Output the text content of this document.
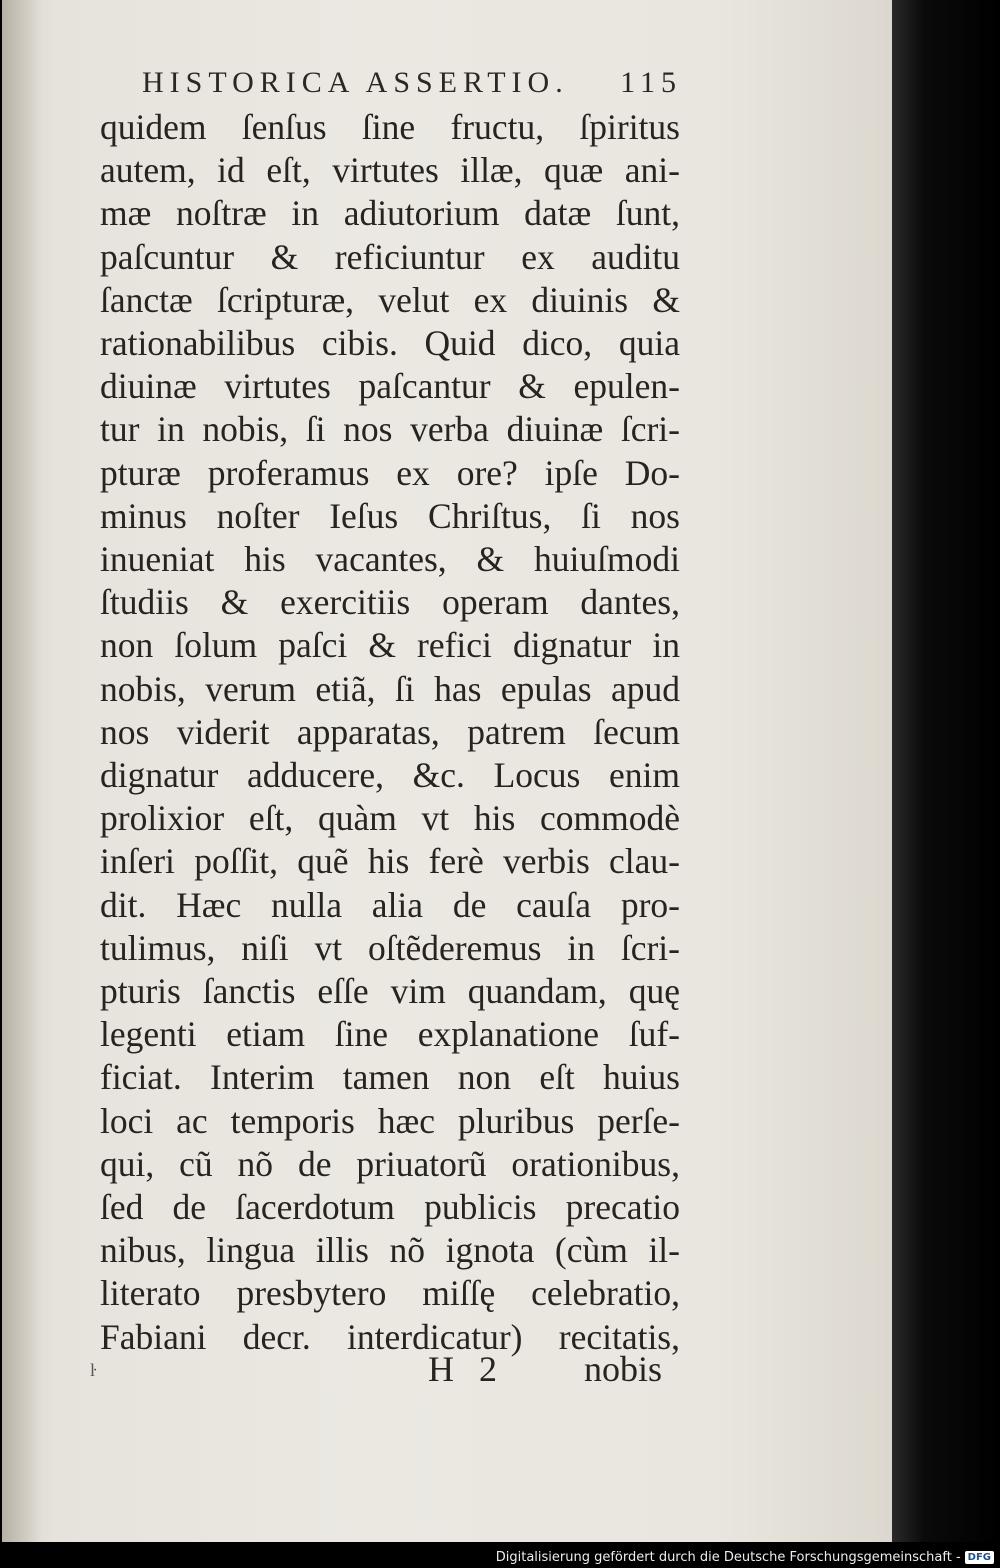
HISTORICA ASSERTIO. 115
quidem ſenſus ſine fructu, ſpiritus
autem, id eſt, virtutes illæ, quæ ani-
mæ noſtræ in adiutorium datæ ſunt,
paſcuntur & reficiuntur ex auditu
ſanctæ ſcripturæ, velut ex diuinis &
rationabilibus cibis. Quid dico, quia
diuinæ virtutes paſcantur & epulen-
tur in nobis, ſi nos verba diuinæ ſcri-
pturæ proferamus ex ore? ipſe Do-
minus noſter Ieſus Chriſtus, ſi nos
inueniat his vacantes, & huiuſmodi
ſtudiis & exercitiis operam dantes,
non ſolum paſci & refici dignatur in
nobis, verum etiã, ſi has epulas apud
nos viderit apparatas, patrem ſecum
dignatur adducere, &c. Locus enim
prolixior eſt, quàm vt his commodè
inſeri poſſit, quẽ his ferè verbis clau-
dit. Hæc nulla alia de cauſa pro-
tulimus, niſi vt oſtẽderemus in ſcri-
pturis ſanctis eſſe vim quandam, quę
legenti etiam ſine explanatione ſuf-
ficiat. Interim tamen non eſt huius
loci ac temporis hæc pluribus perſe-
qui, cũ nõ de priuatorũ orationibus,
ſed de ſacerdotum publicis precatio
nibus, lingua illis nõ ignota (cùm il-
literato presbytero miſſę celebratio,
Fabiani decr. interdicatur) recitatis,
ŀ	H 2 nobis
Digitalisierung gefördert durch die Deutsche Forschungsgemeinschaft - DFG
